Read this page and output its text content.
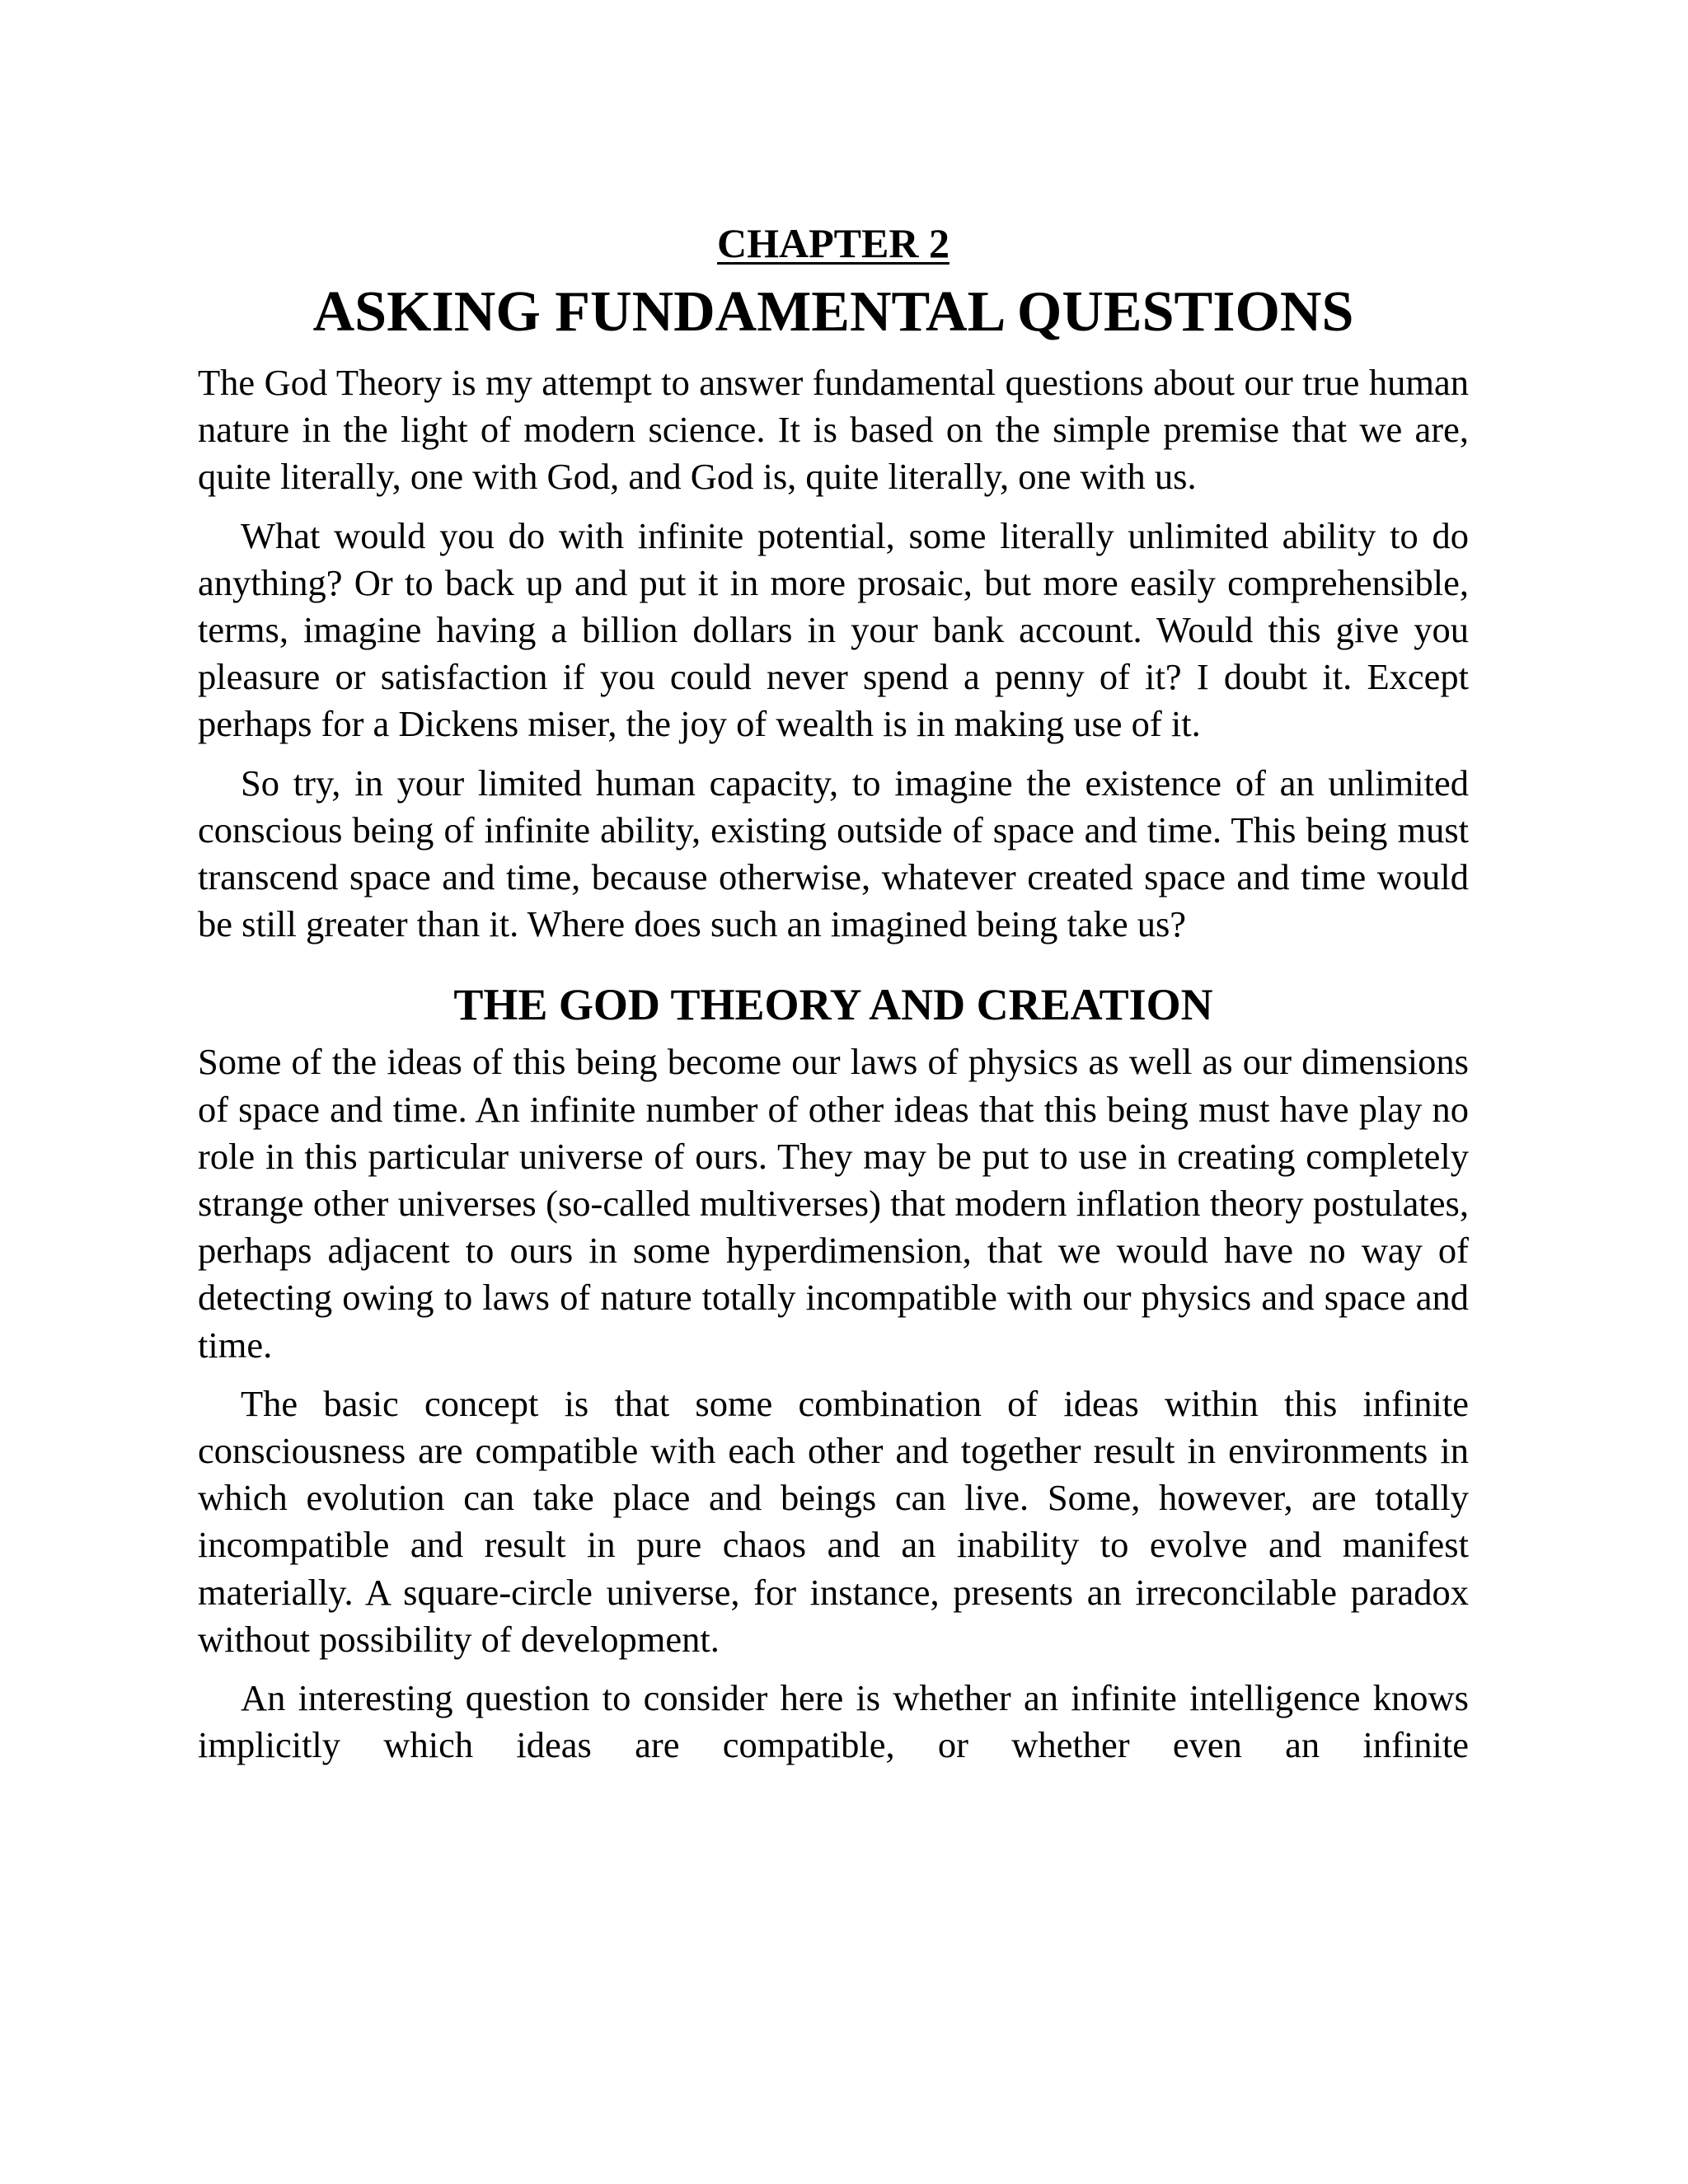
CHAPTER 2
ASKING FUNDAMENTAL QUESTIONS

The God Theory is my attempt to answer fundamental questions about our true human nature in the light of modern science. It is based on the simple premise that we are, quite literally, one with God, and God is, quite literally, one with us.

What would you do with infinite potential, some literally unlimited ability to do anything? Or to back up and put it in more prosaic, but more easily comprehensible, terms, imagine having a billion dollars in your bank account. Would this give you pleasure or satisfaction if you could never spend a penny of it? I doubt it. Except perhaps for a Dickens miser, the joy of wealth is in making use of it.

So try, in your limited human capacity, to imagine the existence of an unlimited conscious being of infinite ability, existing outside of space and time. This being must transcend space and time, because otherwise, whatever created space and time would be still greater than it. Where does such an imagined being take us?

THE GOD THEORY AND CREATION

Some of the ideas of this being become our laws of physics as well as our dimensions of space and time. An infinite number of other ideas that this being must have play no role in this particular universe of ours. They may be put to use in creating completely strange other universes (so-called multiverses) that modern inflation theory postulates, perhaps adjacent to ours in some hyperdimension, that we would have no way of detecting owing to laws of nature totally incompatible with our physics and space and time.

The basic concept is that some combination of ideas within this infinite consciousness are compatible with each other and together result in environments in which evolution can take place and beings can live. Some, however, are totally incompatible and result in pure chaos and an inability to evolve and manifest materially. A square-circle universe, for instance, presents an irreconcilable paradox without possibility of development.

An interesting question to consider here is whether an infinite intelligence knows implicitly which ideas are compatible, or whether even an infinite
